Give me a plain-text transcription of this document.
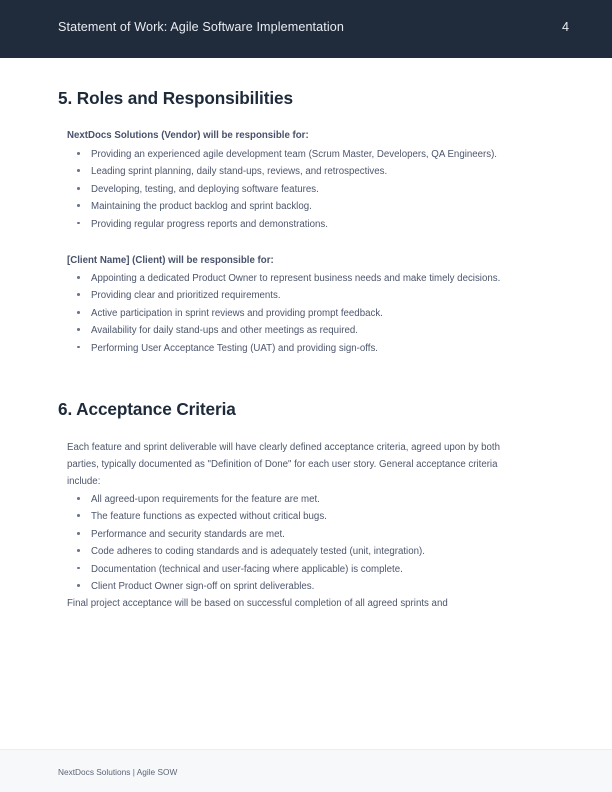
Statement of Work: Agile Software Implementation	4
5. Roles and Responsibilities
NextDocs Solutions (Vendor) will be responsible for:
Providing an experienced agile development team (Scrum Master, Developers, QA Engineers).
Leading sprint planning, daily stand-ups, reviews, and retrospectives.
Developing, testing, and deploying software features.
Maintaining the product backlog and sprint backlog.
Providing regular progress reports and demonstrations.
[Client Name] (Client) will be responsible for:
Appointing a dedicated Product Owner to represent business needs and make timely decisions.
Providing clear and prioritized requirements.
Active participation in sprint reviews and providing prompt feedback.
Availability for daily stand-ups and other meetings as required.
Performing User Acceptance Testing (UAT) and providing sign-offs.
6. Acceptance Criteria
Each feature and sprint deliverable will have clearly defined acceptance criteria, agreed upon by both parties, typically documented as "Definition of Done" for each user story. General acceptance criteria include:
All agreed-upon requirements for the feature are met.
The feature functions as expected without critical bugs.
Performance and security standards are met.
Code adheres to coding standards and is adequately tested (unit, integration).
Documentation (technical and user-facing where applicable) is complete.
Client Product Owner sign-off on sprint deliverables.
Final project acceptance will be based on successful completion of all agreed sprints and
NextDocs Solutions | Agile SOW
